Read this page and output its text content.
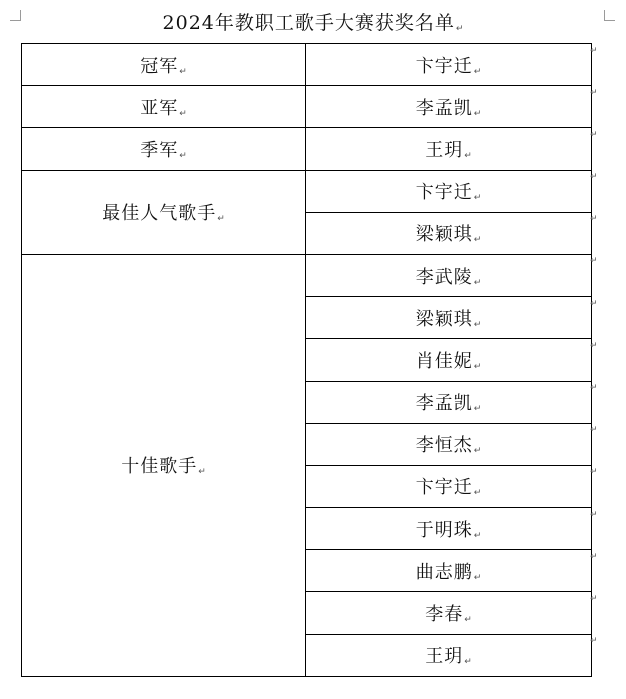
2024年教职工歌手大赛获奖名单↵
冠军↵	卞宇迁↵
亚军↵	李孟凯↵
季军↵	王玥↵
最佳人气歌手↵	卞宇迁↵
	梁颖琪↵
十佳歌手↵	李武陵↵
	梁颖琪↵
	肖佳妮↵
	李孟凯↵
	李恒杰↵
	卞宇迁↵
	于明珠↵
	曲志鹏↵
	李春↵
	王玥↵
↵
↵
↵
↵
↵
↵
↵
↵
↵
↵
↵
↵
↵
↵
↵
